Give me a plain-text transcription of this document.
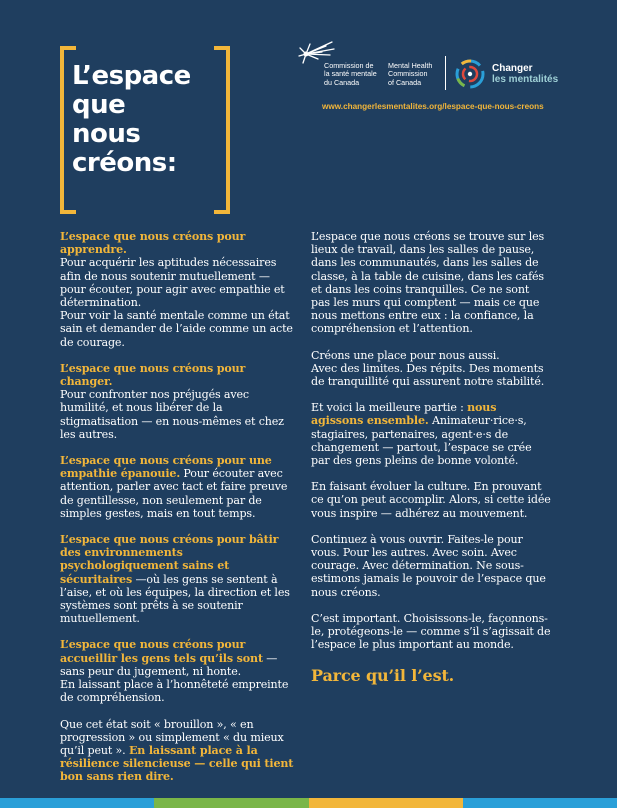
L’espace
que
nous
créons:
Commission de
la santé mentale
du Canada
Mental Health
Commission
of Canada
Changer
les mentalités
www.changerlesmentalites.org/lespace-que-nous-creons

L’espace que nous créons pour apprendre.
Pour acquérir les aptitudes nécessaires afin de nous soutenir mutuellement — pour écouter, pour agir avec empathie et détermination.
Pour voir la santé mentale comme un état sain et demander de l’aide comme un acte de courage.

L’espace que nous créons pour changer.
Pour confronter nos préjugés avec humilité, et nous libérer de la stigmatisation — en nous-mêmes et chez les autres.

L’espace que nous créons pour une empathie épanouie. Pour écouter avec attention, parler avec tact et faire preuve de gentillesse, non seulement par de simples gestes, mais en tout temps.

L’espace que nous créons pour bâtir des environnements psychologiquement sains et sécuritaires —où les gens se sentent à l’aise, et où les équipes, la direction et les systèmes sont prêts à se soutenir mutuellement.

L’espace que nous créons pour accueillir les gens tels qu’ils sont — sans peur du jugement, ni honte.
En laissant place à l’honnêteté empreinte de compréhension.

Que cet état soit « brouillon », « en progression » ou simplement « du mieux qu’il peut ». En laissant place à la résilience silencieuse — celle qui tient bon sans rien dire.

L’espace que nous créons se trouve sur les lieux de travail, dans les salles de pause, dans les communautés, dans les salles de classe, à la table de cuisine, dans les cafés et dans les coins tranquilles. Ce ne sont pas les murs qui comptent — mais ce que nous mettons entre eux : la confiance, la compréhension et l’attention.

Créons une place pour nous aussi.
Avec des limites. Des répits. Des moments de tranquillité qui assurent notre stabilité.

Et voici la meilleure partie : nous agissons ensemble. Animateur·rice·s, stagiaires, partenaires, agent·e·s de changement — partout, l’espace se crée par des gens pleins de bonne volonté.

En faisant évoluer la culture. En prouvant ce qu’on peut accomplir. Alors, si cette idée vous inspire — adhérez au mouvement.

Continuez à vous ouvrir. Faites-le pour vous. Pour les autres. Avec soin. Avec courage. Avec détermination. Ne sous-estimons jamais le pouvoir de l’espace que nous créons.

C’est important. Choisissons-le, façonnons-le, protégeons-le — comme s’il s’agissait de l’espace le plus important au monde.

Parce qu’il l’est.
